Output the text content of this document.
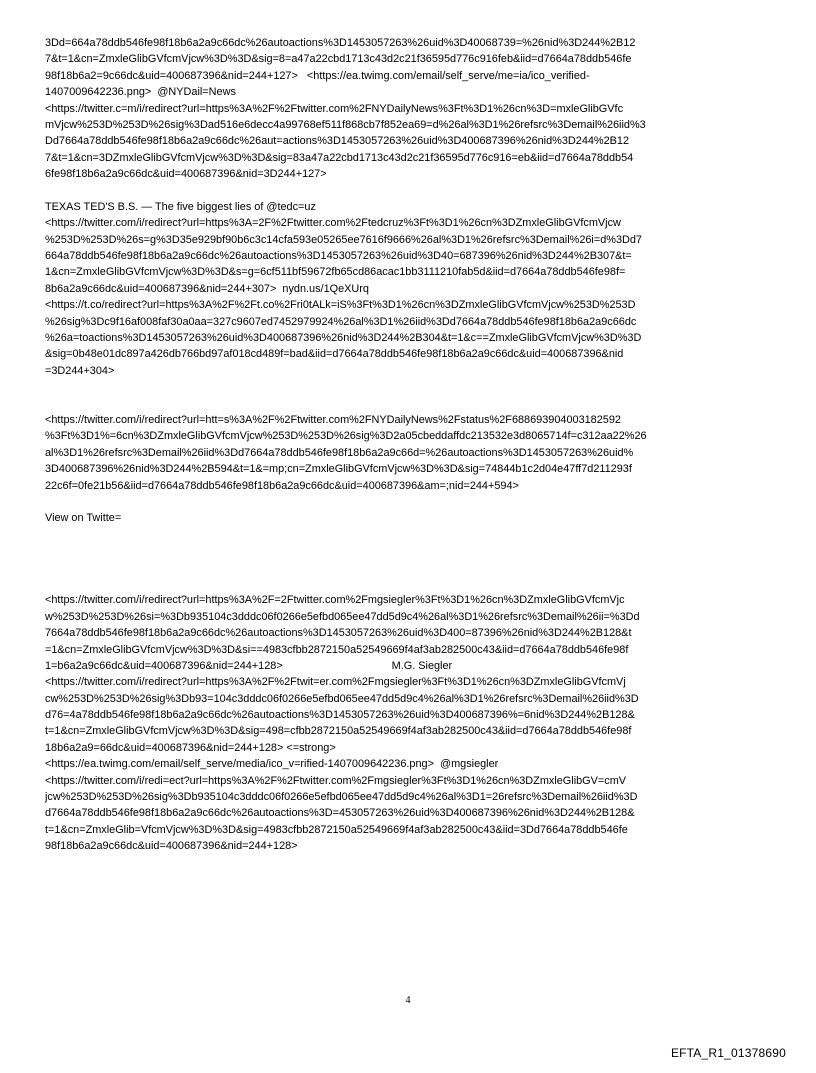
3Dd=664a78ddb546fe98f18b6a2a9c66dc%26autoactions%3D1453057263%26uid%3D40068739=%26nid%3D244%2B12
7&t=1&cn=ZmxleGlibGVfcmVjcw%3D%3D&sig=8=a47a22cbd1713c43d2c21f36595d776c916feb&iid=d7664a78ddb546fe
98f18b6a2=9c66dc&uid=400687396&nid=244+127>   <https://ea.twimg.com/email/self_serve/me=ia/ico_verified-
1407009642236.png>  @NYDail=News
<https://twitter.c=m/i/redirect?url=https%3A%2F%2Ftwitter.com%2FNYDailyNews%3Ft%3D1%26cn%3D=mxleGlibGVfc
mVjcw%253D%253D%26sig%3Dad516e6decc4a99768ef511f868cb7f852ea69=d%26al%3D1%26refsrc%3Demail%26iid%3
Dd7664a78ddb546fe98f18b6a2a9c66dc%26aut=actions%3D1453057263%26uid%3D400687396%26nid%3D244%2B12
7&t=1&cn=3DZmxleGlibGVfcmVjcw%3D%3D&sig=83a47a22cbd1713c43d2c21f36595d776c916=eb&iid=d7664a78ddb54
6fe98f18b6a2a9c66dc&uid=400687396&nid=3D244+127>
TEXAS TED'S B.S. — The five biggest lies of @tedc=uz
<https://twitter.com/i/redirect?url=https%3A=2F%2Ftwitter.com%2Ftedcruz%3Ft%3D1%26cn%3DZmxleGlibGVfcmVjcw
%253D%253D%26s=g%3D35e929bf90b6c3c14cfa593e05265ee7616f9666%26al%3D1%26refsrc%3Demail%26i=d%3Dd7
664a78ddb546fe98f18b6a2a9c66dc%26autoactions%3D1453057263%26uid%3D40=687396%26nid%3D244%2B307&t=
1&cn=ZmxleGlibGVfcmVjcw%3D%3D&s=g=6cf511bf59672fb65cd86acac1bb3111210fab5d&iid=d7664a78ddb546fe98f=
8b6a2a9c66dc&uid=400687396&nid=244+307>  nydn.us/1QeXUrq
<https://t.co/redirect?url=https%3A%2F%2Ft.co%2Fri0tALk=iS%3Ft%3D1%26cn%3DZmxleGlibGVfcmVjcw%253D%253D
%26sig%3Dc9f16af008faf30a0aa=327c9607ed7452979924%26al%3D1%26iid%3Dd7664a78ddb546fe98f18b6a2a9c66dc
%26a=toactions%3D1453057263%26uid%3D400687396%26nid%3D244%2B304&t=1&c==ZmxleGlibGVfcmVjcw%3D%3D
&sig=0b48e01dc897a426db766bd97af018cd489f=bad&iid=d7664a78ddb546fe98f18b6a2a9c66dc&uid=400687396&nid
=3D244+304>
<https://twitter.com/i/redirect?url=htt=s%3A%2F%2Ftwitter.com%2FNYDailyNews%2Fstatus%2F688693904003182592
%3Ft%3D1%=6cn%3DZmxleGlibGVfcmVjcw%253D%253D%26sig%3D2a05cbeddaffdc213532e3d8065714f=c312aa22%26
al%3D1%26refsrc%3Demail%26iid%3Dd7664a78ddb546fe98f18b6a2a9c66d=%26autoactions%3D1453057263%26uid%
3D400687396%26nid%3D244%2B594&t=1&=mp;cn=ZmxleGlibGVfcmVjcw%3D%3D&sig=74844b1c2d04e47ff7d211293f
22c6f=0fe21b56&iid=d7664a78ddb546fe98f18b6a2a9c66dc&uid=400687396&am=;nid=244+594>
View on Twitte=
<https://twitter.com/i/redirect?url=https%3A%2F=2Ftwitter.com%2Fmgsiegler%3Ft%3D1%26cn%3DZmxleGlibGVfcmVjc
w%253D%253D%26si=%3Db935104c3dddc06f0266e5efbd065ee47dd5d9c4%26al%3D1%26refsrc%3Demail%26ii=%3Dd
7664a78ddb546fe98f18b6a2a9c66dc%26autoactions%3D1453057263%26uid%3D400=87396%26nid%3D244%2B128&t
=1&cn=ZmxleGlibGVfcmVjcw%3D%3D&si==4983cfbb2872150a52549669f4af3ab282500c43&iid=d7664a78ddb546fe98f
1=b6a2a9c66dc&uid=400687396&nid=244+128>                                    M.G. Siegler
<https://twitter.com/i/redirect?url=https%3A%2F%2Ftwit=er.com%2Fmgsiegler%3Ft%3D1%26cn%3DZmxleGlibGVfcmVj
cw%253D%253D%26sig%3Db93=104c3dddc06f0266e5efbd065ee47dd5d9c4%26al%3D1%26refsrc%3Demail%26iid%3D
d76=4a78ddb546fe98f18b6a2a9c66dc%26autoactions%3D1453057263%26uid%3D400687396%=6nid%3D244%2B128&
t=1&cn=ZmxleGlibGVfcmVjcw%3D%3D&sig=498=cfbb2872150a52549669f4af3ab282500c43&iid=d7664a78ddb546fe98f
18b6a2a9=66dc&uid=400687396&nid=244+128> <=strong>
<https://ea.twimg.com/email/self_serve/media/ico_v=rified-1407009642236.png>  @mgsiegler
<https://twitter.com/i/redi=ect?url=https%3A%2F%2Ftwitter.com%2Fmgsiegler%3Ft%3D1%26cn%3DZmxleGlibGV=cmV
jcw%253D%253D%26sig%3Db935104c3dddc06f0266e5efbd065ee47dd5d9c4%26al%3D1=26refsrc%3Demail%26iid%3D
d7664a78ddb546fe98f18b6a2a9c66dc%26autoactions%3D=453057263%26uid%3D400687396%26nid%3D244%2B128&
t=1&cn=ZmxleGlib=VfcmVjcw%3D%3D&sig=4983cfbb2872150a52549669f4af3ab282500c43&iid=3Dd7664a78ddb546fe
98f18b6a2a9c66dc&uid=400687396&nid=244+128>
4
EFTA_R1_01378690
